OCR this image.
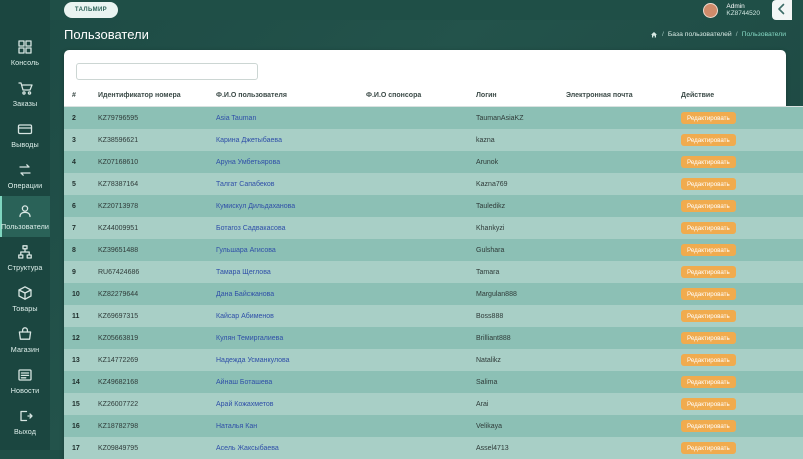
Консоль
Заказы
Выводы
Операции
Пользователи
Структура
Товары
Магазин
Новости
Выход
ТАЛЬМИР
Admin
KZ8744520
Пользователи	/ База пользователей / Пользователи
#	Идентификатор номера	Ф.И.О пользователя	Ф.И.О спонсора	Логин	Электронная почта	Действие
2	KZ79796595	Asia Tauman		TaumanAsiaKZ		Редактировать
3	KZ38596621	Карина Джетыбаева		kazna		Редактировать
4	KZ07168610	Аруна Умбетьярова		Arunok		Редактировать
5	KZ78387164	Талгат Сапабеков		Kazna769		Редактировать
6	KZ20713978	Кумискул Дильдаханова		Tauledikz		Редактировать
7	KZ44009951	Ботагоз Садвакасова		Khankyzi		Редактировать
8	KZ39651488	Гульшара Агисова		Gulshara		Редактировать
9	RU67424686	Тамара Щеглова		Tamara		Редактировать
10	KZ82279644	Дана Байсжанова		Margulan888		Редактировать
11	KZ69697315	Кайсар Абименов		Boss888		Редактировать
12	KZ05663819	Кулян Темиргалиева		Brilliant888		Редактировать
13	KZ14772269	Надежда Усманкулова		Natalikz		Редактировать
14	KZ49682168	Айнаш Боташева		Salima		Редактировать
15	KZ26007722	Арай Кожахметов		Arai		Редактировать
16	KZ18782798	Наталья Кан		Velikaya		Редактировать
17	KZ09849795	Асель Жаксыбаева		Assel4713		Редактировать
